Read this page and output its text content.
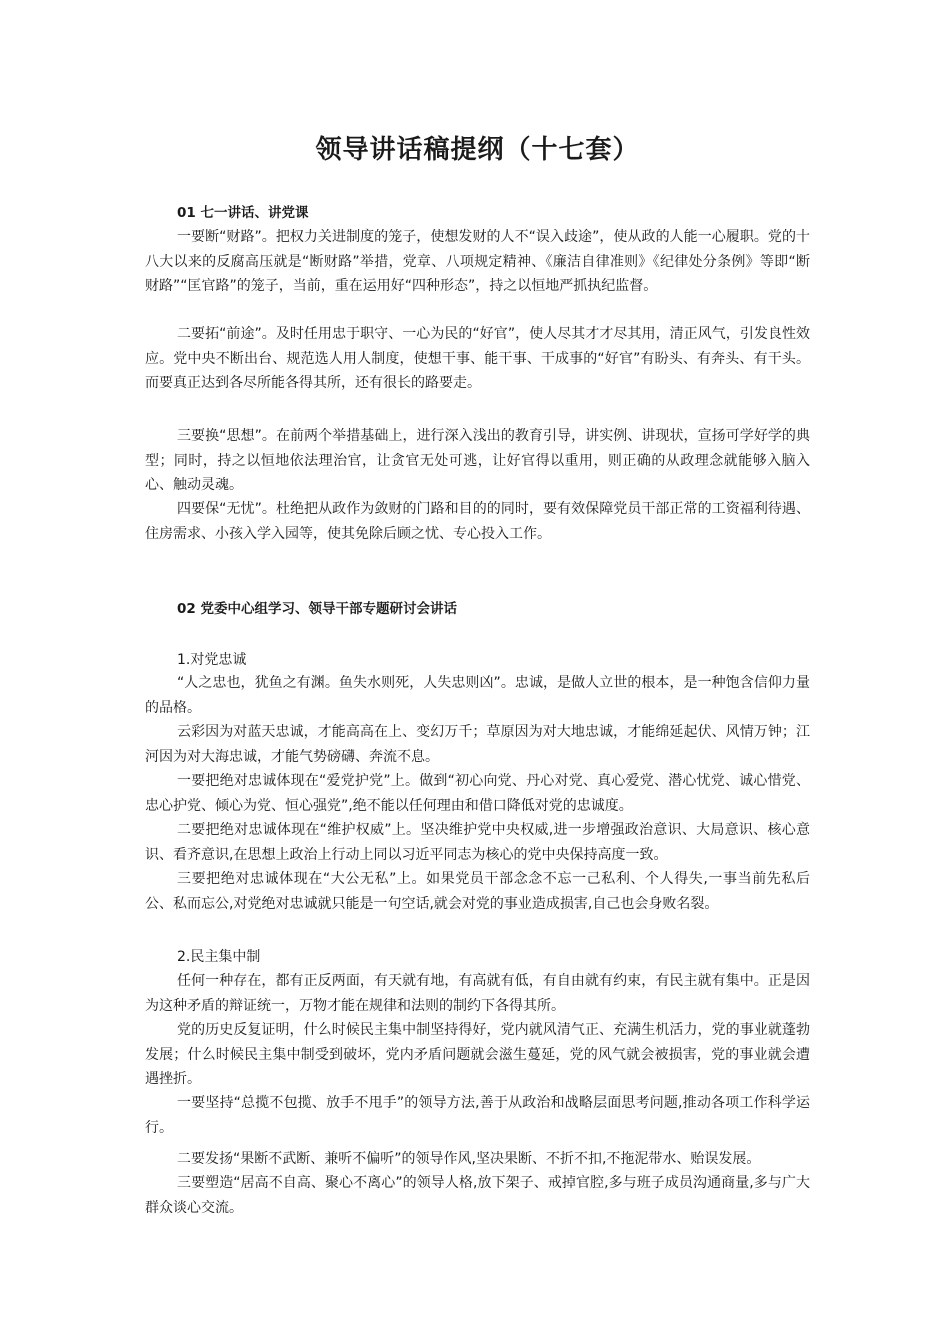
领导讲话稿提纲（十七套）

01 七一讲话、讲党课

一要断“财路”。把权力关进制度的笼子，使想发财的人不“误入歧途”，使从政的人能一心履职。党的十八大以来的反腐高压就是“断财路”举措，党章、八项规定精神、《廉洁自律准则》《纪律处分条例》等即“断财路”“匡官路”的笼子，当前，重在运用好“四种形态”，持之以恒地严抓执纪监督。

二要拓“前途”。及时任用忠于职守、一心为民的“好官”，使人尽其才才尽其用，清正风气，引发良性效应。党中央不断出台、规范选人用人制度，使想干事、能干事、干成事的“好官”有盼头、有奔头、有干头。而要真正达到各尽所能各得其所，还有很长的路要走。

三要换“思想”。在前两个举措基础上，进行深入浅出的教育引导，讲实例、讲现状，宣扬可学好学的典型；同时，持之以恒地依法理治官，让贪官无处可逃，让好官得以重用，则正确的从政理念就能够入脑入心、触动灵魂。

四要保“无忧”。杜绝把从政作为敛财的门路和目的的同时，要有效保障党员干部正常的工资福利待遇、住房需求、小孩入学入园等，使其免除后顾之忧、专心投入工作。

02 党委中心组学习、领导干部专题研讨会讲话

1.对党忠诚

“人之忠也，犹鱼之有渊。鱼失水则死，人失忠则凶”。忠诚，是做人立世的根本，是一种饱含信仰力量的品格。

云彩因为对蓝天忠诚，才能高高在上、变幻万千；草原因为对大地忠诚，才能绵延起伏、风情万钟；江河因为对大海忠诚，才能气势磅礴、奔流不息。

一要把绝对忠诚体现在“爱党护党”上。做到“初心向党、丹心对党、真心爱党、潜心忧党、诚心惜党、忠心护党、倾心为党、恒心强党”,绝不能以任何理由和借口降低对党的忠诚度。

二要把绝对忠诚体现在“维护权威”上。坚决维护党中央权威,进一步增强政治意识、大局意识、核心意识、看齐意识,在思想上政治上行动上同以习近平同志为核心的党中央保持高度一致。

三要把绝对忠诚体现在“大公无私”上。如果党员干部念念不忘一己私利、个人得失,一事当前先私后公、私而忘公,对党绝对忠诚就只能是一句空话,就会对党的事业造成损害,自己也会身败名裂。

2.民主集中制

任何一种存在，都有正反两面，有天就有地，有高就有低，有自由就有约束，有民主就有集中。正是因为这种矛盾的辩证统一，万物才能在规律和法则的制约下各得其所。

党的历史反复证明，什么时候民主集中制坚持得好，党内就风清气正、充满生机活力，党的事业就蓬勃发展；什么时候民主集中制受到破坏，党内矛盾问题就会滋生蔓延，党的风气就会被损害，党的事业就会遭遇挫折。

一要坚持“总揽不包揽、放手不甩手”的领导方法,善于从政治和战略层面思考问题,推动各项工作科学运行。

二要发扬“果断不武断、兼听不偏听”的领导作风,坚决果断、不折不扣,不拖泥带水、贻误发展。

三要塑造“居高不自高、聚心不离心”的领导人格,放下架子、戒掉官腔,多与班子成员沟通商量,多与广大群众谈心交流。
